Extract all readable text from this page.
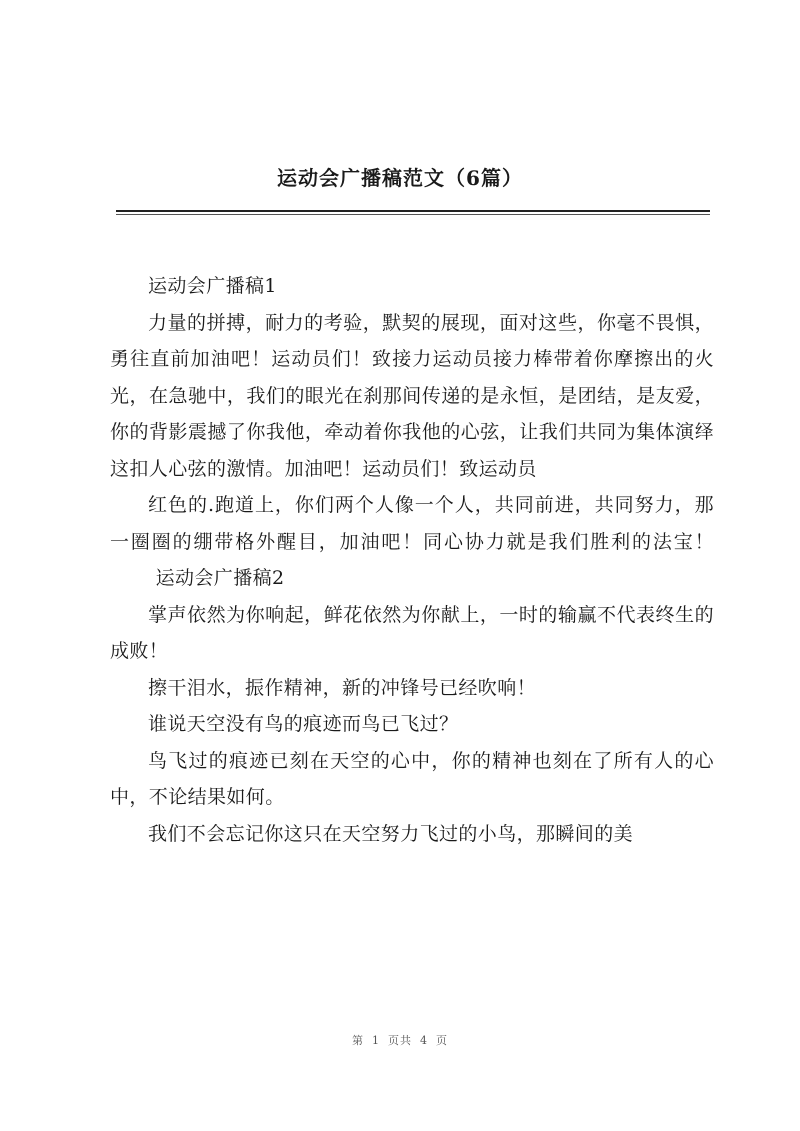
运动会广播稿范文（6篇）

运动会广播稿1

力量的拼搏，耐力的考验，默契的展现，面对这些，你毫不畏惧，勇往直前加油吧！运动员们！致接力运动员接力棒带着你摩擦出的火光，在急驰中，我们的眼光在刹那间传递的是永恒，是团结，是友爱，你的背影震撼了你我他，牵动着你我他的心弦，让我们共同为集体演绎这扣人心弦的激情。加油吧！运动员们！致运动员

红色的.跑道上，你们两个人像一个人，共同前进，共同努力，那一圈圈的绷带格外醒目，加油吧！同心协力就是我们胜利的法宝！运动会广播稿2

掌声依然为你响起，鲜花依然为你献上，一时的输赢不代表终生的成败！

擦干泪水，振作精神，新的冲锋号已经吹响！

谁说天空没有鸟的痕迹而鸟已飞过？

鸟飞过的痕迹已刻在天空的心中，你的精神也刻在了所有人的心中，不论结果如何。

我们不会忘记你这只在天空努力飞过的小鸟，那瞬间的美

第 1 页共 4 页
